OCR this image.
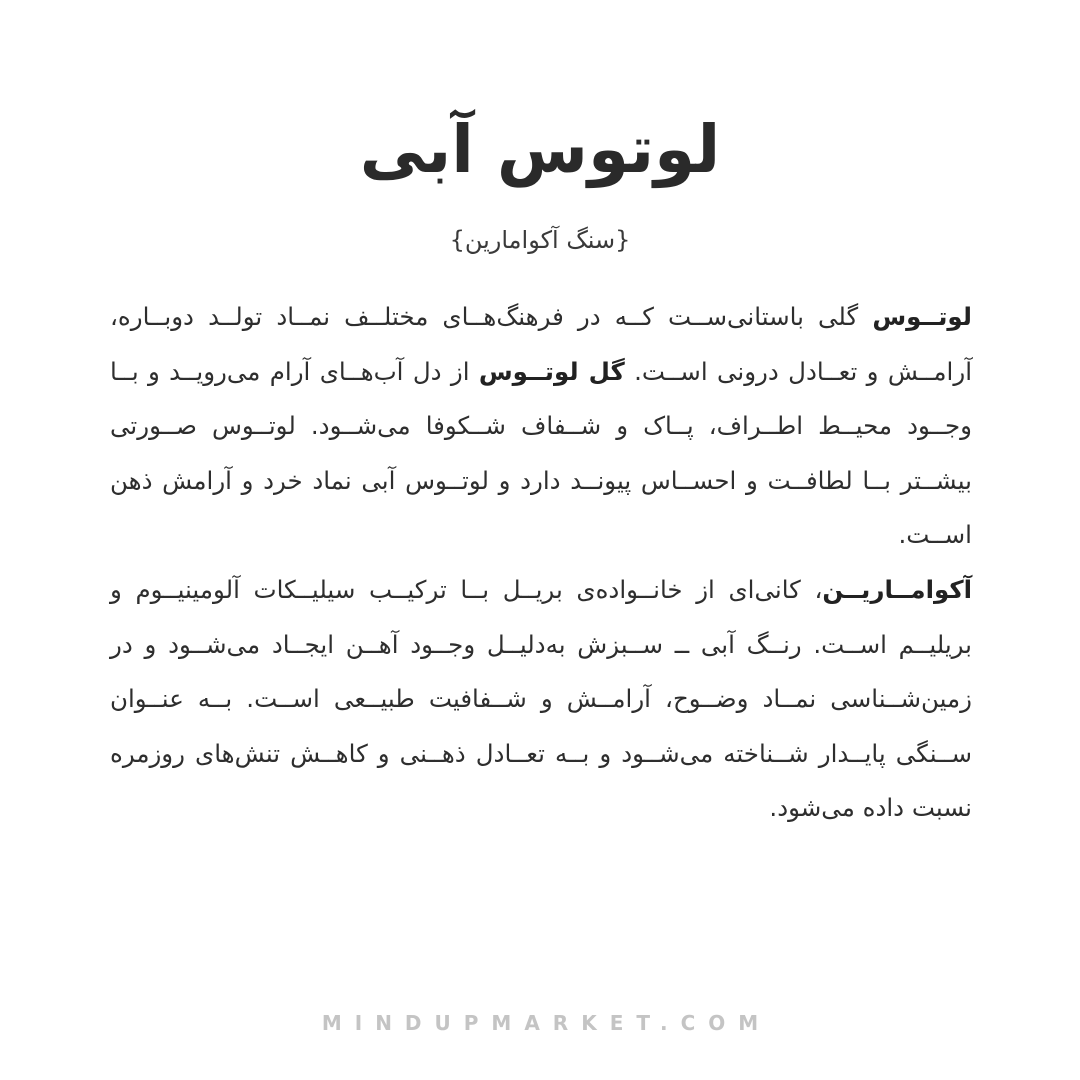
لوتوس آبی
{سنگ آکوامارین}

لوتــوس گلی باستانی‌ســت کــه در فرهنگ‌هــای مختلــف نمــاد تولــد دوبــاره، آرامــش و تعــادل درونی اســت. گل لوتــوس از دل آب‌هــای آرام می‌رویــد و بــا وجــود محیــط اطــراف، پــاک و شــفاف شــکوفا می‌شــود. لوتــوس صــورتی بیشــتر بــا لطافــت و احســاس پیونــد دارد و لوتــوس آبی نماد خرد و آرامش ذهن اســت.

آکوامــاریــن، کانی‌ای از خانــواده‌ی بریــل بــا ترکیــب سیلیــکات آلومینیــوم و بریلیــم اســت. رنــگ آبی ــ ســبزش به‌دلیــل وجــود آهــن ایجــاد می‌شــود و در زمین‌شــناسی نمــاد وضــوح، آرامــش و شــفافیت طبیــعی اســت. بــه عنــوان ســنگی پایــدار شــناخته می‌شــود و بــه تعــادل ذهــنی و کاهــش تنش‌های روزمره نسبت داده می‌شود.

MINDUPMARKET.COM
